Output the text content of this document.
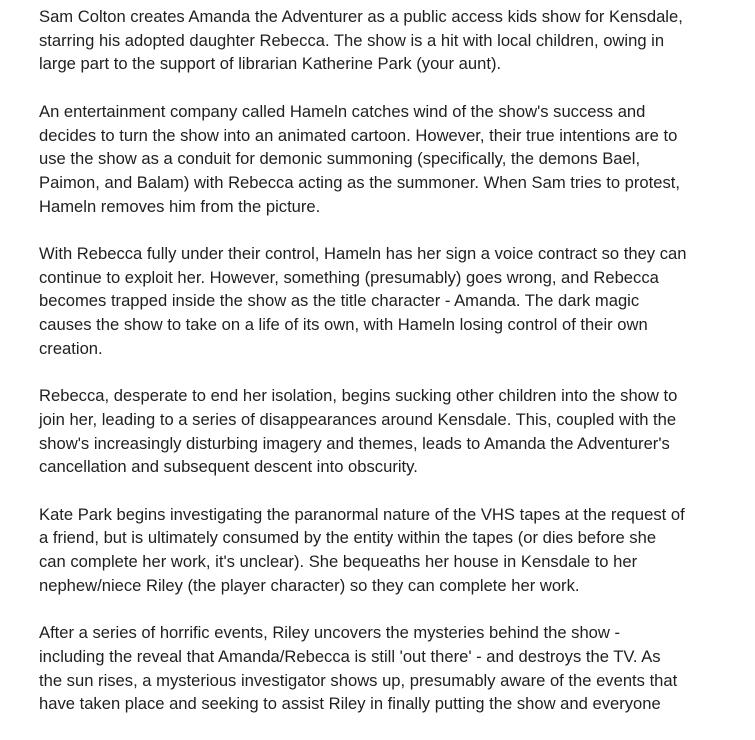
Sam Colton creates Amanda the Adventurer as a public access kids show for Kensdale,
starring his adopted daughter Rebecca. The show is a hit with local children, owing in
large part to the support of librarian Katherine Park (your aunt).

An entertainment company called Hameln catches wind of the show's success and
decides to turn the show into an animated cartoon. However, their true intentions are to
use the show as a conduit for demonic summoning (specifically, the demons Bael,
Paimon, and Balam) with Rebecca acting as the summoner. When Sam tries to protest,
Hameln removes him from the picture.

With Rebecca fully under their control, Hameln has her sign a voice contract so they can
continue to exploit her. However, something (presumably) goes wrong, and Rebecca
becomes trapped inside the show as the title character - Amanda. The dark magic
causes the show to take on a life of its own, with Hameln losing control of their own
creation.

Rebecca, desperate to end her isolation, begins sucking other children into the show to
join her, leading to a series of disappearances around Kensdale. This, coupled with the
show's increasingly disturbing imagery and themes, leads to Amanda the Adventurer's
cancellation and subsequent descent into obscurity.

Kate Park begins investigating the paranormal nature of the VHS tapes at the request of
a friend, but is ultimately consumed by the entity within the tapes (or dies before she
can complete her work, it's unclear). She bequeaths her house in Kensdale to her
nephew/niece Riley (the player character) so they can complete her work.

After a series of horrific events, Riley uncovers the mysteries behind the show -
including the reveal that Amanda/Rebecca is still 'out there' - and destroys the TV. As
the sun rises, a mysterious investigator shows up, presumably aware of the events that
have taken place and seeking to assist Riley in finally putting the show and everyone
